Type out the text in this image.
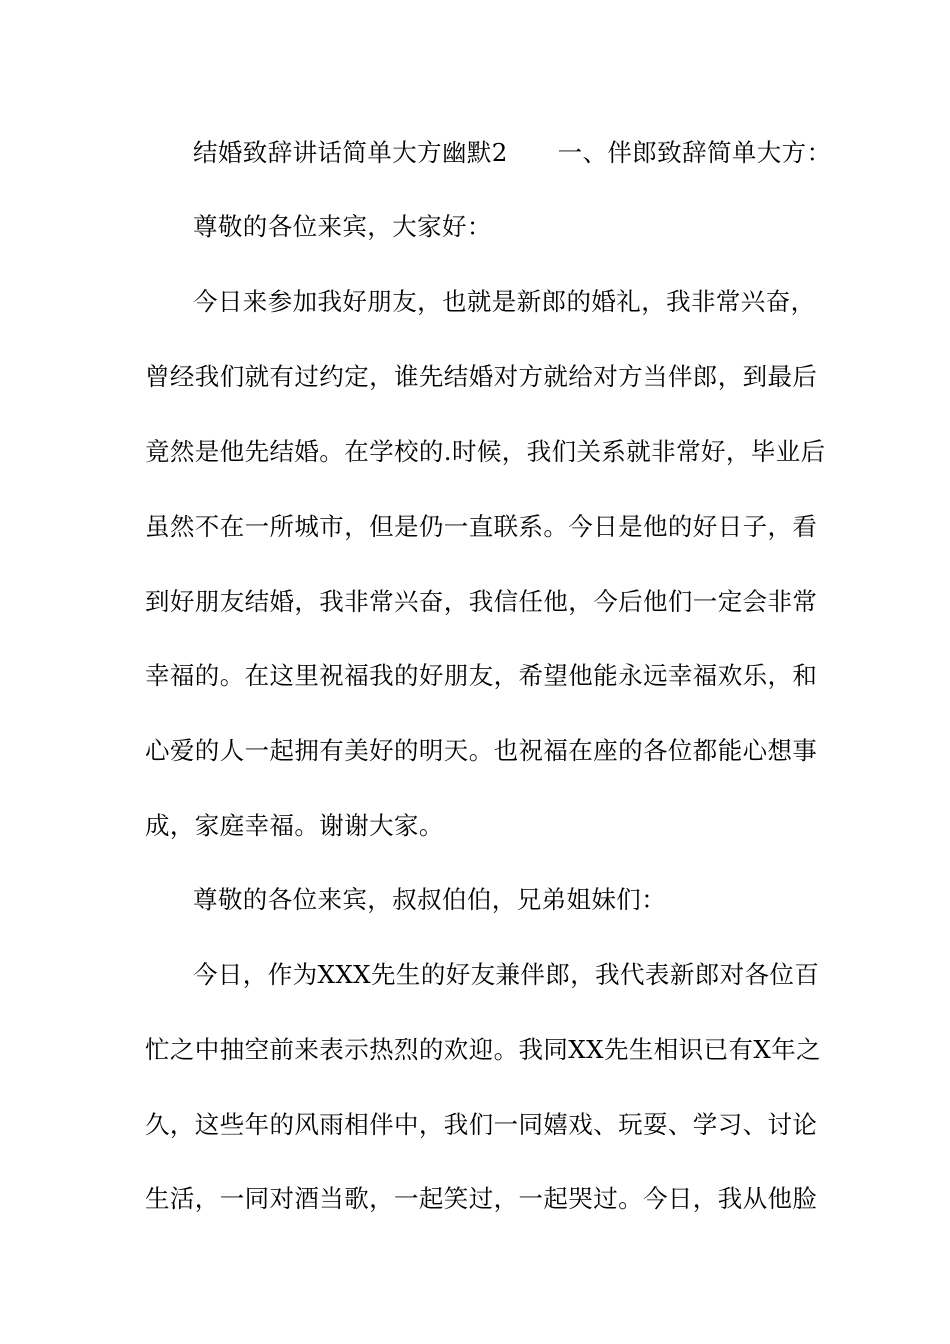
结婚致辞讲话简单大方幽默2　　一、伴郎致辞简单大方：
尊敬的各位来宾，大家好：
今日来参加我好朋友，也就是新郎的婚礼，我非常兴奋，
曾经我们就有过约定，谁先结婚对方就给对方当伴郎，到最后
竟然是他先结婚。在学校的.时候，我们关系就非常好，毕业后
虽然不在一所城市，但是仍一直联系。今日是他的好日子，看
到好朋友结婚，我非常兴奋，我信任他，今后他们一定会非常
幸福的。在这里祝福我的好朋友，希望他能永远幸福欢乐，和
心爱的人一起拥有美好的明天。也祝福在座的各位都能心想事
成，家庭幸福。谢谢大家。
尊敬的各位来宾，叔叔伯伯，兄弟姐妹们：
今日，作为XXX先生的好友兼伴郎，我代表新郎对各位百
忙之中抽空前来表示热烈的欢迎。我同XX先生相识已有X年之
久，这些年的风雨相伴中，我们一同嬉戏、玩耍、学习、讨论
生活，一同对酒当歌，一起笑过，一起哭过。今日，我从他脸
